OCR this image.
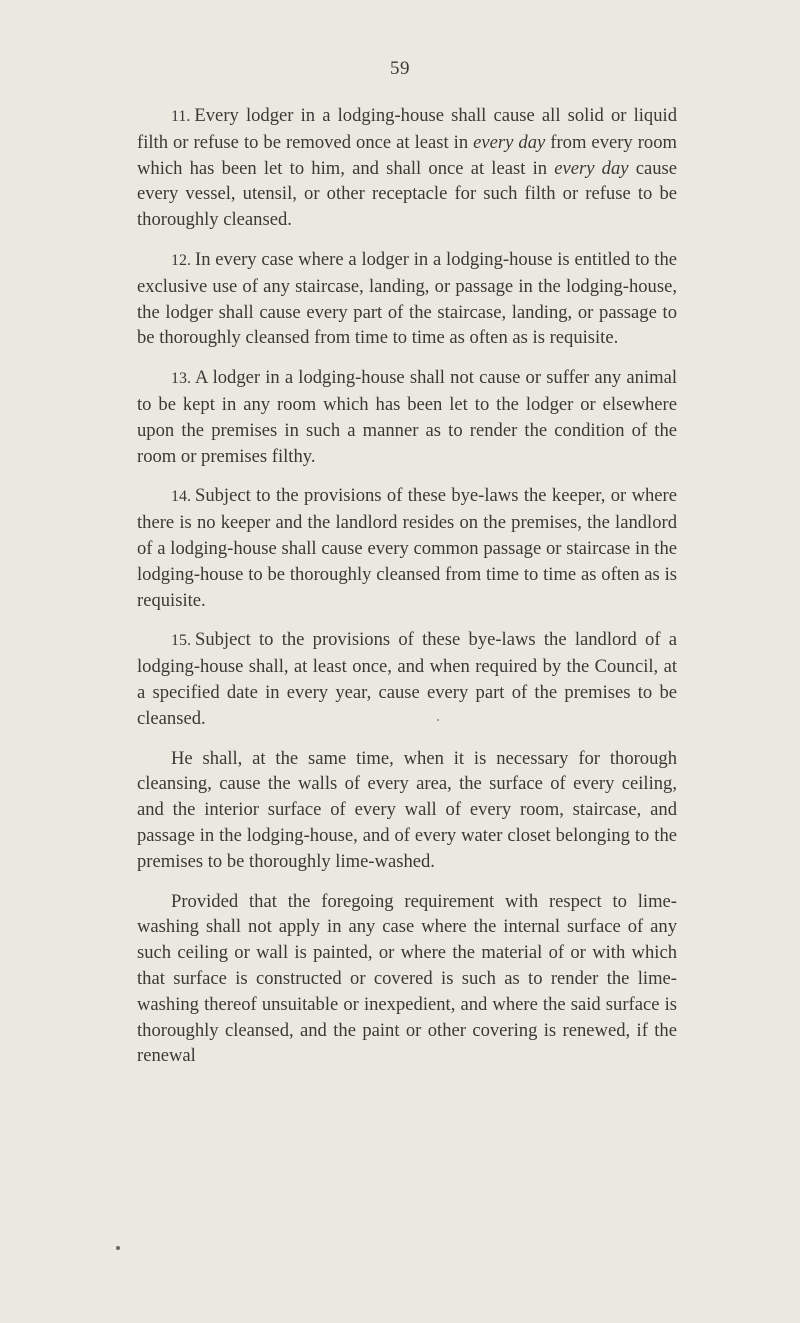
59

11. Every lodger in a lodging-house shall cause all solid or liquid filth or refuse to be removed once at least in every day from every room which has been let to him, and shall once at least in every day cause every vessel, utensil, or other receptacle for such filth or refuse to be thoroughly cleansed.

12. In every case where a lodger in a lodging-house is entitled to the exclusive use of any staircase, landing, or passage in the lodging-house, the lodger shall cause every part of the staircase, landing, or passage to be thoroughly cleansed from time to time as often as is requisite.

13. A lodger in a lodging-house shall not cause or suffer any animal to be kept in any room which has been let to the lodger or elsewhere upon the premises in such a manner as to render the condition of the room or premises filthy.

14. Subject to the provisions of these bye-laws the keeper, or where there is no keeper and the landlord resides on the premises, the landlord of a lodging-house shall cause every common passage or staircase in the lodging-house to be thoroughly cleansed from time to time as often as is requisite.

15. Subject to the provisions of these bye-laws the landlord of a lodging-house shall, at least once, and when required by the Council, at a specified date in every year, cause every part of the premises to be cleansed.

He shall, at the same time, when it is necessary for thorough cleansing, cause the walls of every area, the surface of every ceiling, and the interior surface of every wall of every room, staircase, and passage in the lodging-house, and of every water closet belonging to the premises to be thoroughly lime-washed.

Provided that the foregoing requirement with respect to lime-washing shall not apply in any case where the internal surface of any such ceiling or wall is painted, or where the material of or with which that surface is constructed or covered is such as to render the lime-washing thereof unsuitable or inexpedient, and where the said surface is thoroughly cleansed, and the paint or other covering is renewed, if the renewal
